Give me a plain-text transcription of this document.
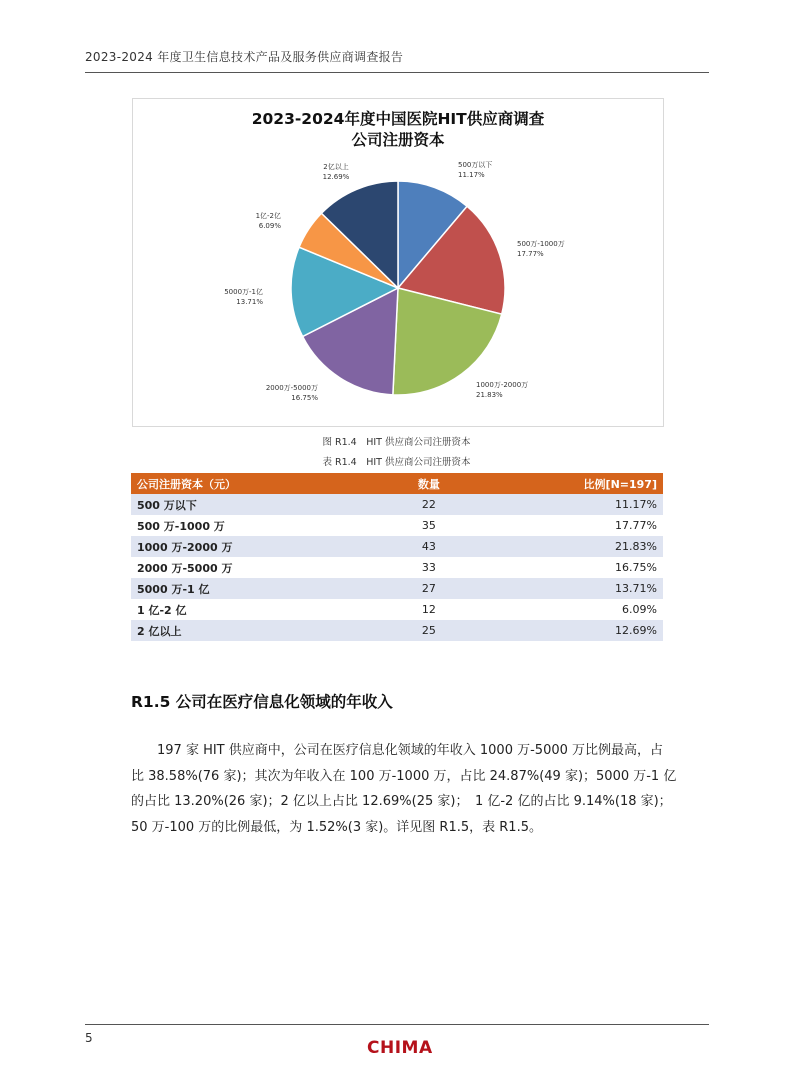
2023-2024 年度卫生信息技术产品及服务供应商调查报告
2023-2024年度中国医院HIT供应商调查
公司注册资本
500万以下
11.17%
500万-1000万
17.77%
1000万-2000万
21.83%
2000万-5000万
16.75%
5000万-1亿
13.71%
1亿-2亿
6.09%
2亿以上
12.69%
图 R1.4　HIT 供应商公司注册资本
表 R1.4　HIT 供应商公司注册资本
公司注册资本（元）	数量	比例[N=197]
500 万以下	22	11.17%
500 万-1000 万	35	17.77%
1000 万-2000 万	43	21.83%
2000 万-5000 万	33	16.75%
5000 万-1 亿	27	13.71%
1 亿-2 亿	12	6.09%
2 亿以上	25	12.69%
R1.5 公司在医疗信息化领域的年收入
197 家 HIT 供应商中，公司在医疗信息化领域的年收入 1000 万-5000 万比例最高，占
比 38.58%(76 家)；其次为年收入在 100 万-1000 万，占比 24.87%(49 家)；5000 万-1 亿
的占比 13.20%(26 家)；2 亿以上占比 12.69%(25 家)；　1 亿-2 亿的占比 9.14%(18 家)；
50 万-100 万的比例最低，为 1.52%(3 家)。详见图 R1.5，表 R1.5。
5	CHIMA
